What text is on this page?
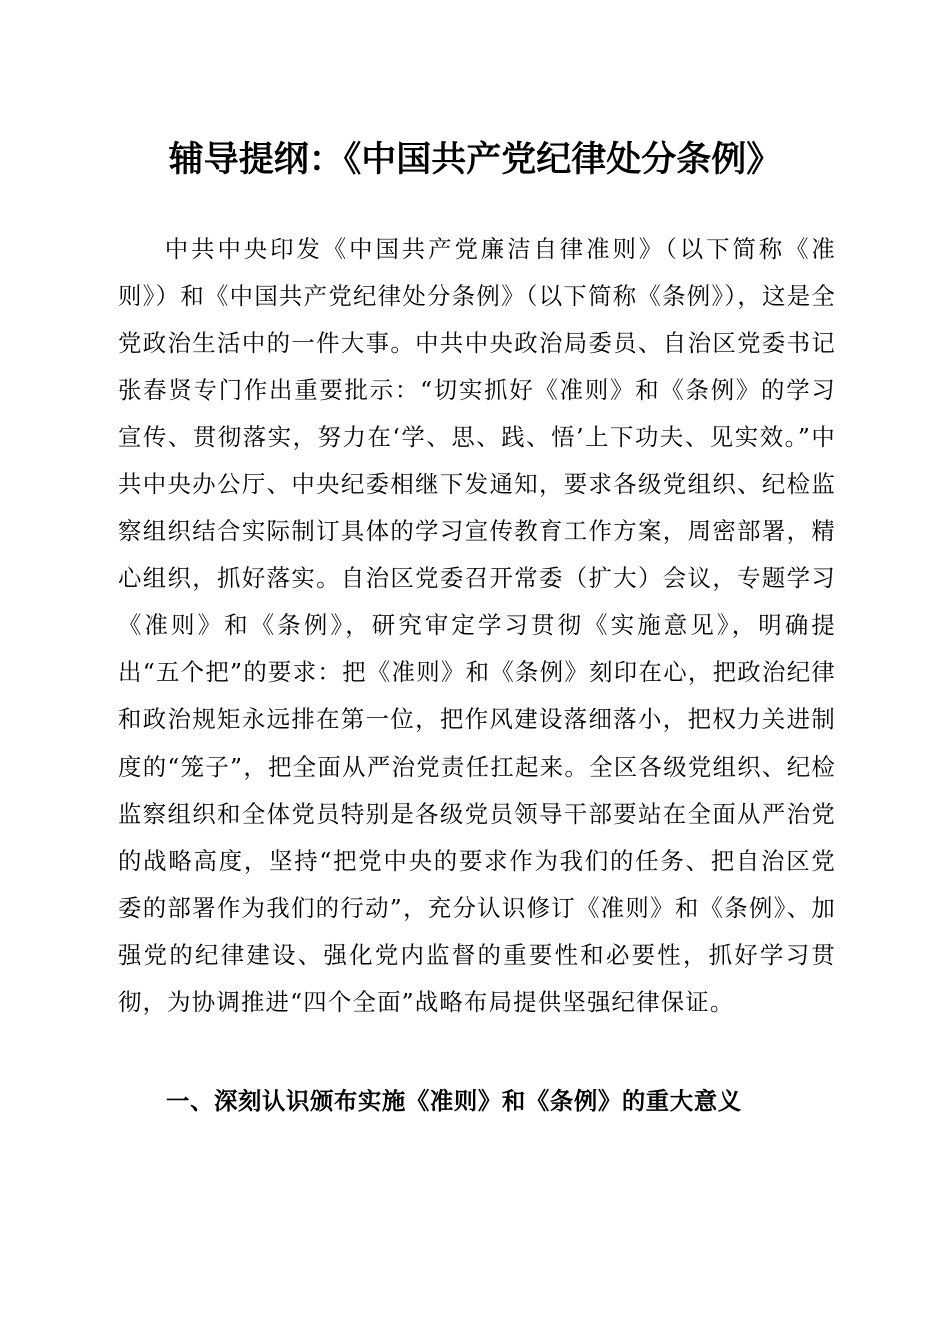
辅导提纲：《中国共产党纪律处分条例》

中共中央印发《中国共产党廉洁自律准则》（以下简称《准则》）和《中国共产党纪律处分条例》（以下简称《条例》），这是全党政治生活中的一件大事。中共中央政治局委员、自治区党委书记张春贤专门作出重要批示：“切实抓好《准则》和《条例》的学习宣传、贯彻落实，努力在‘学、思、践、悟’上下功夫、见实效。”中共中央办公厅、中央纪委相继下发通知，要求各级党组织、纪检监察组织结合实际制订具体的学习宣传教育工作方案，周密部署，精心组织，抓好落实。自治区党委召开常委（扩大）会议，专题学习《准则》和《条例》，研究审定学习贯彻《实施意见》，明确提出“五个把”的要求：把《准则》和《条例》刻印在心，把政治纪律和政治规矩永远排在第一位，把作风建设落细落小，把权力关进制度的“笼子”，把全面从严治党责任扛起来。全区各级党组织、纪检监察组织和全体党员特别是各级党员领导干部要站在全面从严治党的战略高度，坚持“把党中央的要求作为我们的任务、把自治区党委的部署作为我们的行动”，充分认识修订《准则》和《条例》、加强党的纪律建设、强化党内监督的重要性和必要性，抓好学习贯彻，为协调推进“四个全面”战略布局提供坚强纪律保证。

一、深刻认识颁布实施《准则》和《条例》的重大意义
